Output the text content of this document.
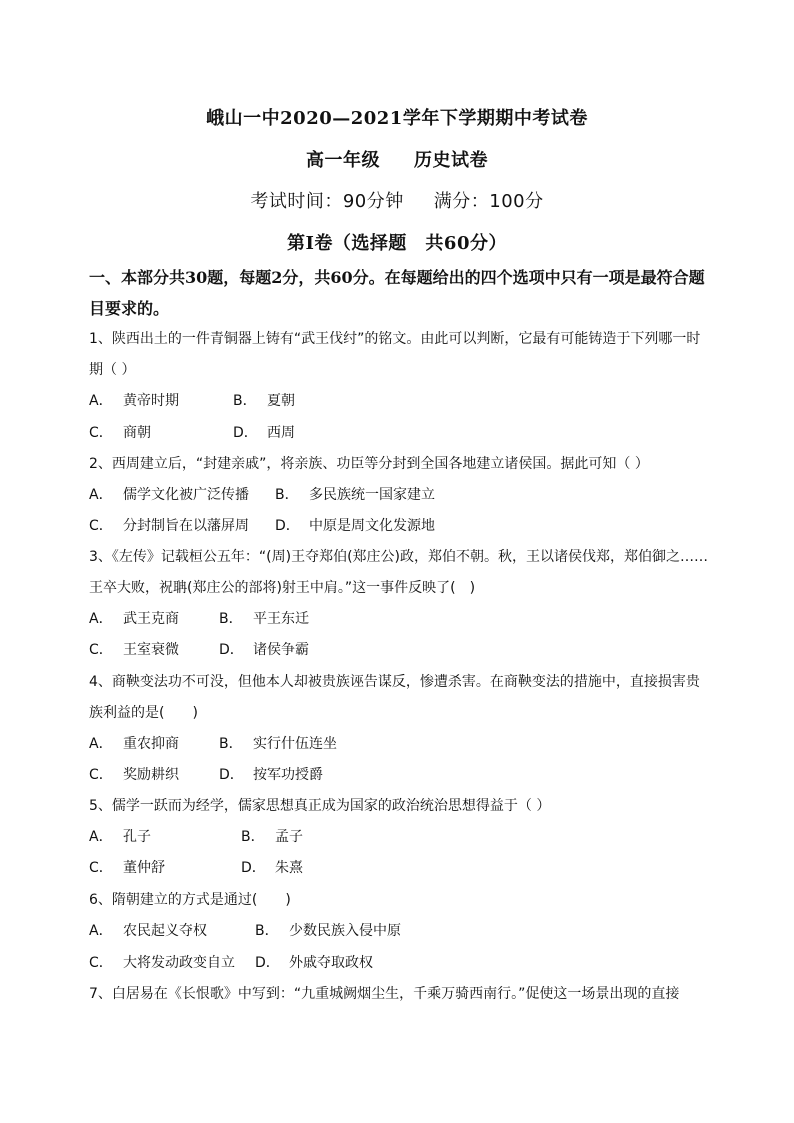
峨山一中2020—2021学年下学期期中考试卷
高一年级 历史试卷
考试时间：90分钟 满分：100分
第Ⅰ卷（选择题　共60分）
一、本部分共30题，每题2分，共60分。在每题给出的四个选项中只有一项是最符合题目要求的。
1、陕西出土的一件青铜器上铸有“武王伐纣”的铭文。由此可以判断，它最有可能铸造于下列哪一时期（ ）
A． 黄帝时期	B． 夏朝
C． 商朝	D． 西周
2、西周建立后，“封建亲戚”，将亲族、功臣等分封到全国各地建立诸侯国。据此可知（ ）
A． 儒学文化被广泛传播 B． 多民族统一国家建立
C． 分封制旨在以藩屏周 D． 中原是周文化发源地
3、《左传》记载桓公五年：“(周)王夺郑伯(郑庄公)政，郑伯不朝。秋，王以诸侯伐郑，郑伯御之……王卒大败，祝聃(郑庄公的部将)射王中肩。”这一事件反映了(　)
A． 武王克商	B． 平王东迁
C． 王室衰微	D． 诸侯争霸
4、商鞅变法功不可没，但他本人却被贵族诬告谋反，惨遭杀害。在商鞅变法的措施中，直接损害贵族利益的是(　　)
A． 重农抑商	B． 实行什伍连坐
C． 奖励耕织	D． 按军功授爵
5、儒学一跃而为经学，儒家思想真正成为国家的政治统治思想得益于（ ）
A． 孔子	B． 孟子
C． 董仲舒	D． 朱熹
6、隋朝建立的方式是通过(　　)
A． 农民起义夺权	B． 少数民族入侵中原
C． 大将发动政变自立 D． 外戚夺取政权
7、白居易在《长恨歌》中写到：“九重城阙烟尘生，千乘万骑西南行。”促使这一场景出现的直接
